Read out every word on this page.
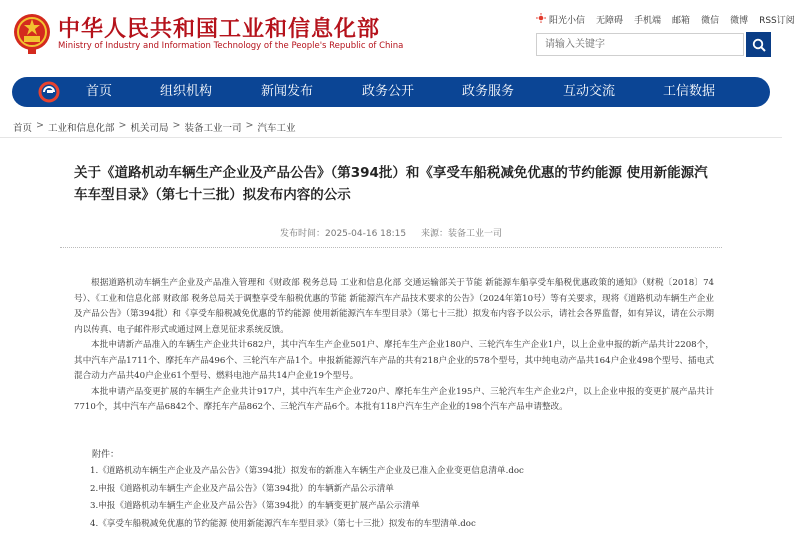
中华人民共和国工业和信息化部
Ministry of Industry and Information Technology of the People's Republic of China
阳光小信 无障碍 手机端 邮箱 微信 微博 RSS订阅
请输入关键字
首页	组织机构	新闻发布	政务公开	政务服务	互动交流	工信数据
首页 > 工业和信息化部 > 机关司局 > 装备工业一司 > 汽车工业
关于《道路机动车辆生产企业及产品公告》（第394批）和《享受车船税减免优惠的节约能源 使用新能源汽车车型目录》（第七十三批）拟发布内容的公示
发布时间：2025-04-16 18:15 来源：装备工业一司

根据道路机动车辆生产企业及产品准入管理和《财政部 税务总局 工业和信息化部 交通运输部关于节能 新能源车船享受车船税优惠政策的通知》（财税〔2018〕74号）、《工业和信息化部 财政部 税务总局关于调整享受车船税优惠的节能 新能源汽车产品技术要求的公告》（2024年第10号）等有关要求，现将《道路机动车辆生产企业及产品公告》（第394批）和《享受车船税减免优惠的节约能源 使用新能源汽车车型目录》（第七十三批）拟发布内容予以公示，请社会各界监督，如有异议，请在公示期内以传真、电子邮件形式或通过网上意见征求系统反馈。

本批申请新产品准入的车辆生产企业共计682户，其中汽车生产企业501户、摩托车生产企业180户、三轮汽车生产企业1户，以上企业申报的新产品共计2208个，其中汽车产品1711个、摩托车产品496个、三轮汽车产品1个。申报新能源汽车产品的共有218户企业的578个型号，其中纯电动产品共164户企业498个型号、插电式混合动力产品共40户企业61个型号、燃料电池产品共14户企业19个型号。

本批申请产品变更扩展的车辆生产企业共计917户，其中汽车生产企业720户、摩托车生产企业195户、三轮汽车生产企业2户，以上企业申报的变更扩展产品共计7710个，其中汽车产品6842个、摩托车产品862个、三轮汽车产品6个。本批有118户汽车生产企业的198个汽车产品申请整改。

附件：
1.《道路机动车辆生产企业及产品公告》（第394批）拟发布的新准入车辆生产企业及已准入企业变更信息清单.doc
2.申报《道路机动车辆生产企业及产品公告》（第394批）的车辆新产品公示清单
3.申报《道路机动车辆生产企业及产品公告》（第394批）的车辆变更扩展产品公示清单
4.《享受车船税减免优惠的节约能源 使用新能源汽车车型目录》（第七十三批）拟发布的车型清单.doc
